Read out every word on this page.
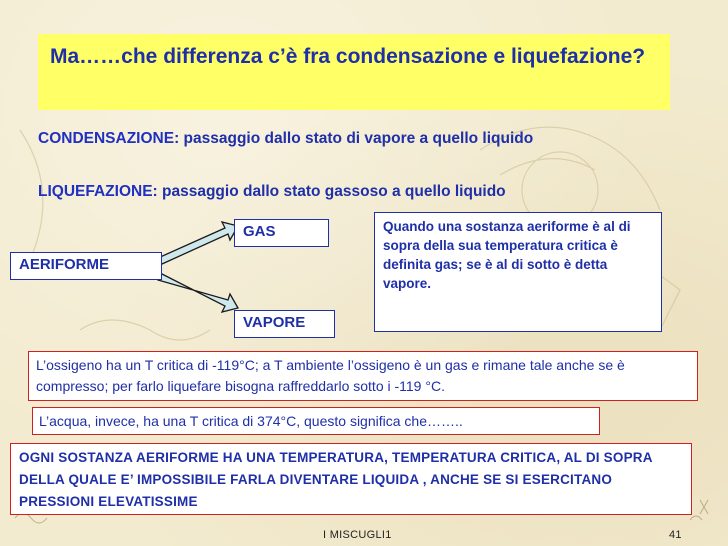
Ma……che differenza c’è fra condensazione e liquefazione?
CONDENSAZIONE: passaggio dallo stato di vapore a quello liquido
LIQUEFAZIONE: passaggio dallo stato gassoso a quello liquido
AERIFORME
GAS
VAPORE
Quando una sostanza aeriforme è al di sopra della sua temperatura critica è definita gas; se è al di sotto è detta vapore.
L’ossigeno ha un T critica di -119°C; a T ambiente l’ossigeno è un gas e rimane tale anche se è compresso; per farlo liquefare bisogna raffreddarlo sotto i -119 °C.
L’acqua, invece, ha una T critica di 374°C, questo significa che……..
OGNI SOSTANZA AERIFORME HA UNA TEMPERATURA, TEMPERATURA CRITICA, AL DI SOPRA DELLA QUALE E’ IMPOSSIBILE FARLA DIVENTARE LIQUIDA , ANCHE SE SI ESERCITANO PRESSIONI ELEVATISSIME
I MISCUGLI1	41
